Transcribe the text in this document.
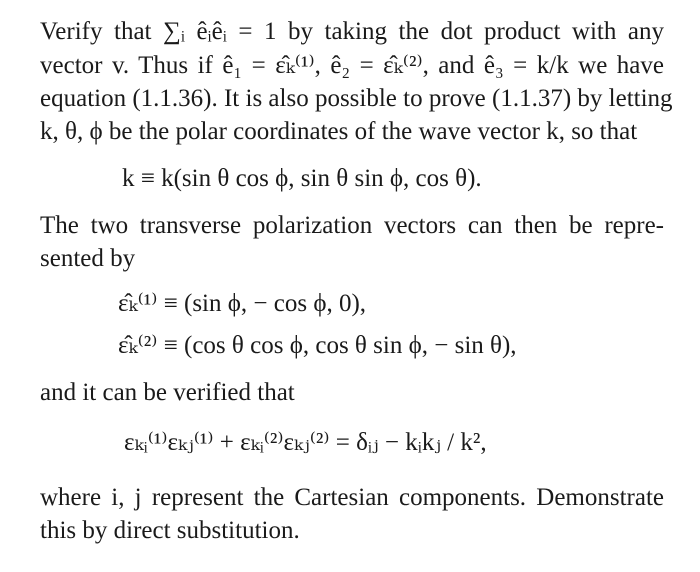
Verify that ∑ᵢ êᵢêᵢ = 1 by taking the dot product with any
vector v. Thus if ê₁ = ε̂ₖ⁽¹⁾, ê₂ = ε̂ₖ⁽²⁾, and ê₃ = k/k we have
equation (1.1.36). It is also possible to prove (1.1.37) by letting
k, θ, ϕ be the polar coordinates of the wave vector k, so that
k ≡ k(sin θ cos ϕ, sin θ sin ϕ, cos θ).
The two transverse polarization vectors can then be repre-
sented by
ε̂ₖ⁽¹⁾ ≡ (sin ϕ, − cos ϕ, 0),
ε̂ₖ⁽²⁾ ≡ (cos θ cos ϕ, cos θ sin ϕ, − sin θ),
and it can be verified that
εₖᵢ⁽¹⁾εₖⱼ⁽¹⁾ + εₖᵢ⁽²⁾εₖⱼ⁽²⁾ = δᵢⱼ − kᵢkⱼ / k²,
where i, j represent the Cartesian components. Demonstrate
this by direct substitution.
